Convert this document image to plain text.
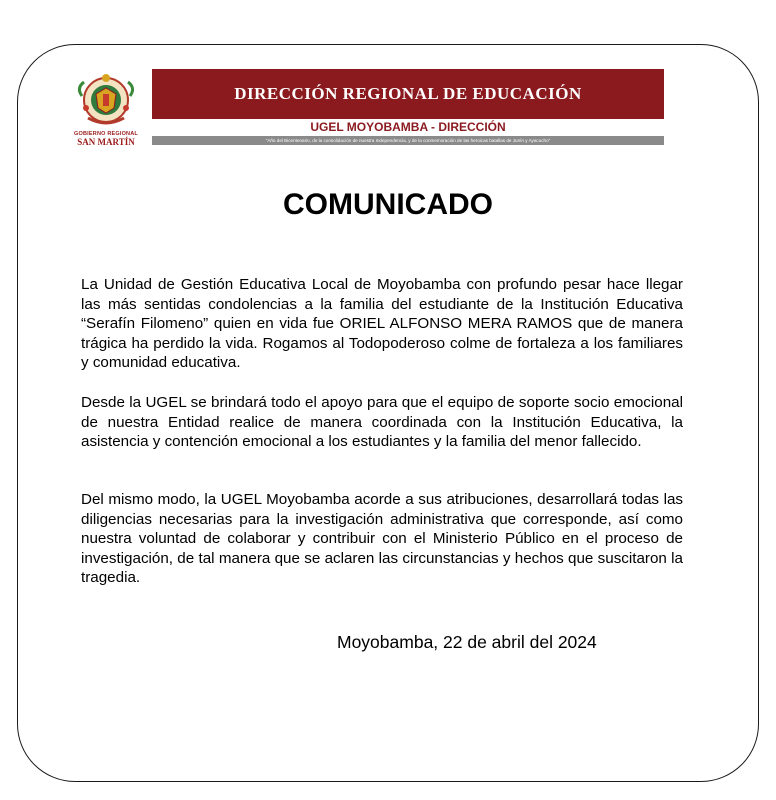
GOBIERNO REGIONAL
SAN MARTÍN
DIRECCIÓN REGIONAL DE EDUCACIÓN
UGEL MOYOBAMBA - DIRECCIÓN
"Año del Bicentenario, de la consolidación de nuestra Independencia, y de la conmemoración de las heroicas batallas de Junín y Ayacucho"
COMUNICADO

La Unidad de Gestión Educativa Local de Moyobamba con profundo pesar hace llegar las más sentidas condolencias a la familia del estudiante de la Institución Educativa “Serafín Filomeno” quien en vida fue ORIEL ALFONSO MERA RAMOS que de manera trágica ha perdido la vida. Rogamos al Todopoderoso colme de fortaleza a los familiares y comunidad educativa.

Desde la UGEL se brindará todo el apoyo para que el equipo de soporte socio emocional de nuestra Entidad realice de manera coordinada con la Institución Educativa, la asistencia y contención emocional a los estudiantes y la familia del menor fallecido.

Del mismo modo, la UGEL Moyobamba acorde a sus atribuciones, desarrollará todas las diligencias necesarias para la investigación administrativa que corresponde, así como nuestra voluntad de colaborar y contribuir con el Ministerio Público en el proceso de investigación, de tal manera que se aclaren las circunstancias y hechos que suscitaron la tragedia.

Moyobamba, 22 de abril del 2024
